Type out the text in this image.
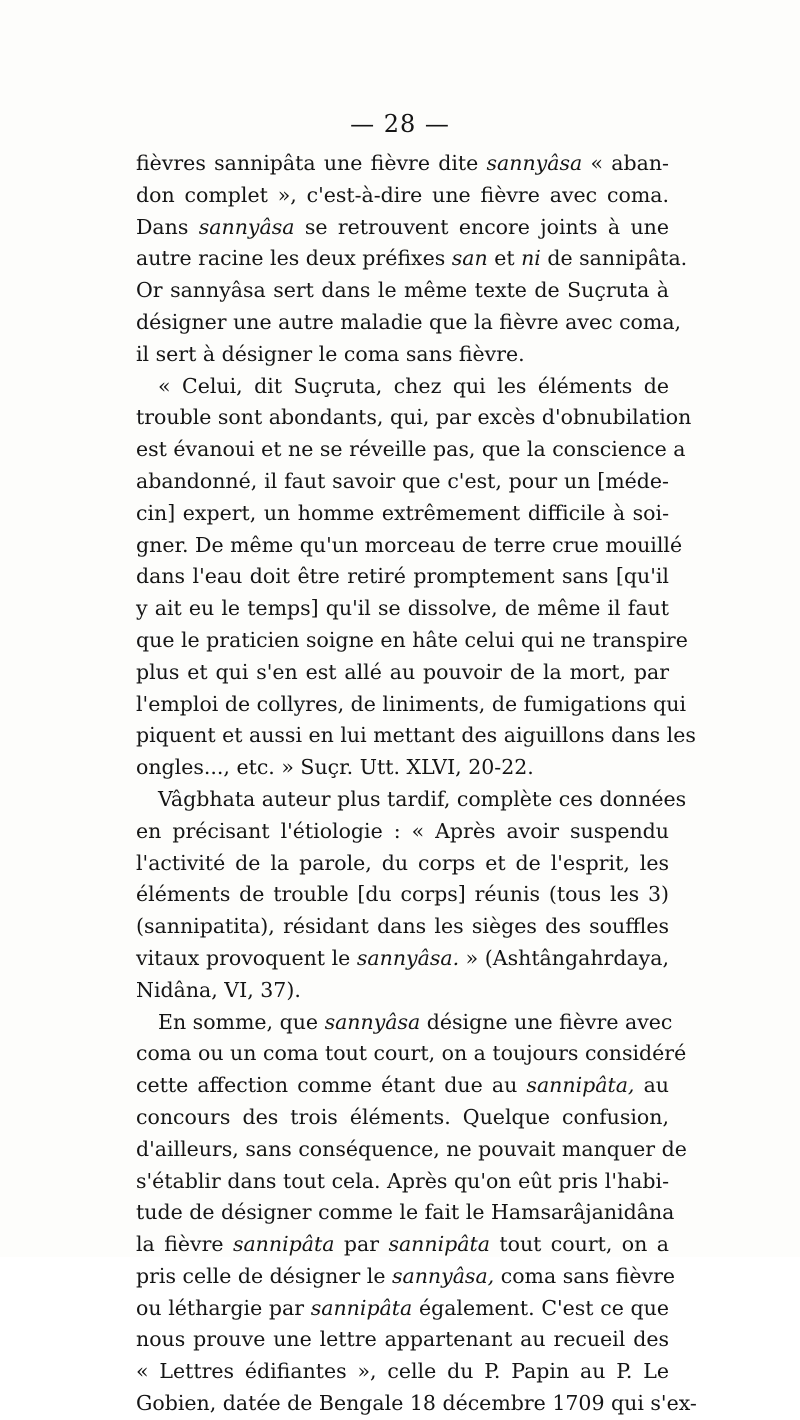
— 28 —
fièvres sannipâta une fièvre dite sannyâsa « aban-
don complet », c'est-à-dire une fièvre avec coma.
Dans sannyâsa se retrouvent encore joints à une
autre racine les deux préfixes san et ni de sannipâta.
Or sannyâsa sert dans le même texte de Suçruta à
désigner une autre maladie que la fièvre avec coma,
il sert à désigner le coma sans fièvre.
« Celui, dit Suçruta, chez qui les éléments de
trouble sont abondants, qui, par excès d'obnubilation
est évanoui et ne se réveille pas, que la conscience a
abandonné, il faut savoir que c'est, pour un [méde-
cin] expert, un homme extrêmement difficile à soi-
gner. De même qu'un morceau de terre crue mouillé
dans l'eau doit être retiré promptement sans [qu'il
y ait eu le temps] qu'il se dissolve, de même il faut
que le praticien soigne en hâte celui qui ne transpire
plus et qui s'en est allé au pouvoir de la mort, par
l'emploi de collyres, de liniments, de fumigations qui
piquent et aussi en lui mettant des aiguillons dans les
ongles..., etc. » Suçr. Utt. XLVI, 20-22.
Vâgbhata auteur plus tardif, complète ces données
en précisant l'étiologie : « Après avoir suspendu
l'activité de la parole, du corps et de l'esprit, les
éléments de trouble [du corps] réunis (tous les 3)
(sannipatita), résidant dans les sièges des souffles
vitaux provoquent le sannyâsa. » (Ashtângahrdaya,
Nidâna, VI, 37).
En somme, que sannyâsa désigne une fièvre avec
coma ou un coma tout court, on a toujours considéré
cette affection comme étant due au sannipâta, au
concours des trois éléments. Quelque confusion,
d'ailleurs, sans conséquence, ne pouvait manquer de
s'établir dans tout cela. Après qu'on eût pris l'habi-
tude de désigner comme le fait le Hamsarâjanidâna
la fièvre sannipâta par sannipâta tout court, on a
pris celle de désigner le sannyâsa, coma sans fièvre
ou léthargie par sannipâta également. C'est ce que
nous prouve une lettre appartenant au recueil des
« Lettres édifiantes », celle du P. Papin au P. Le
Gobien, datée de Bengale 18 décembre 1709 qui s'ex-
